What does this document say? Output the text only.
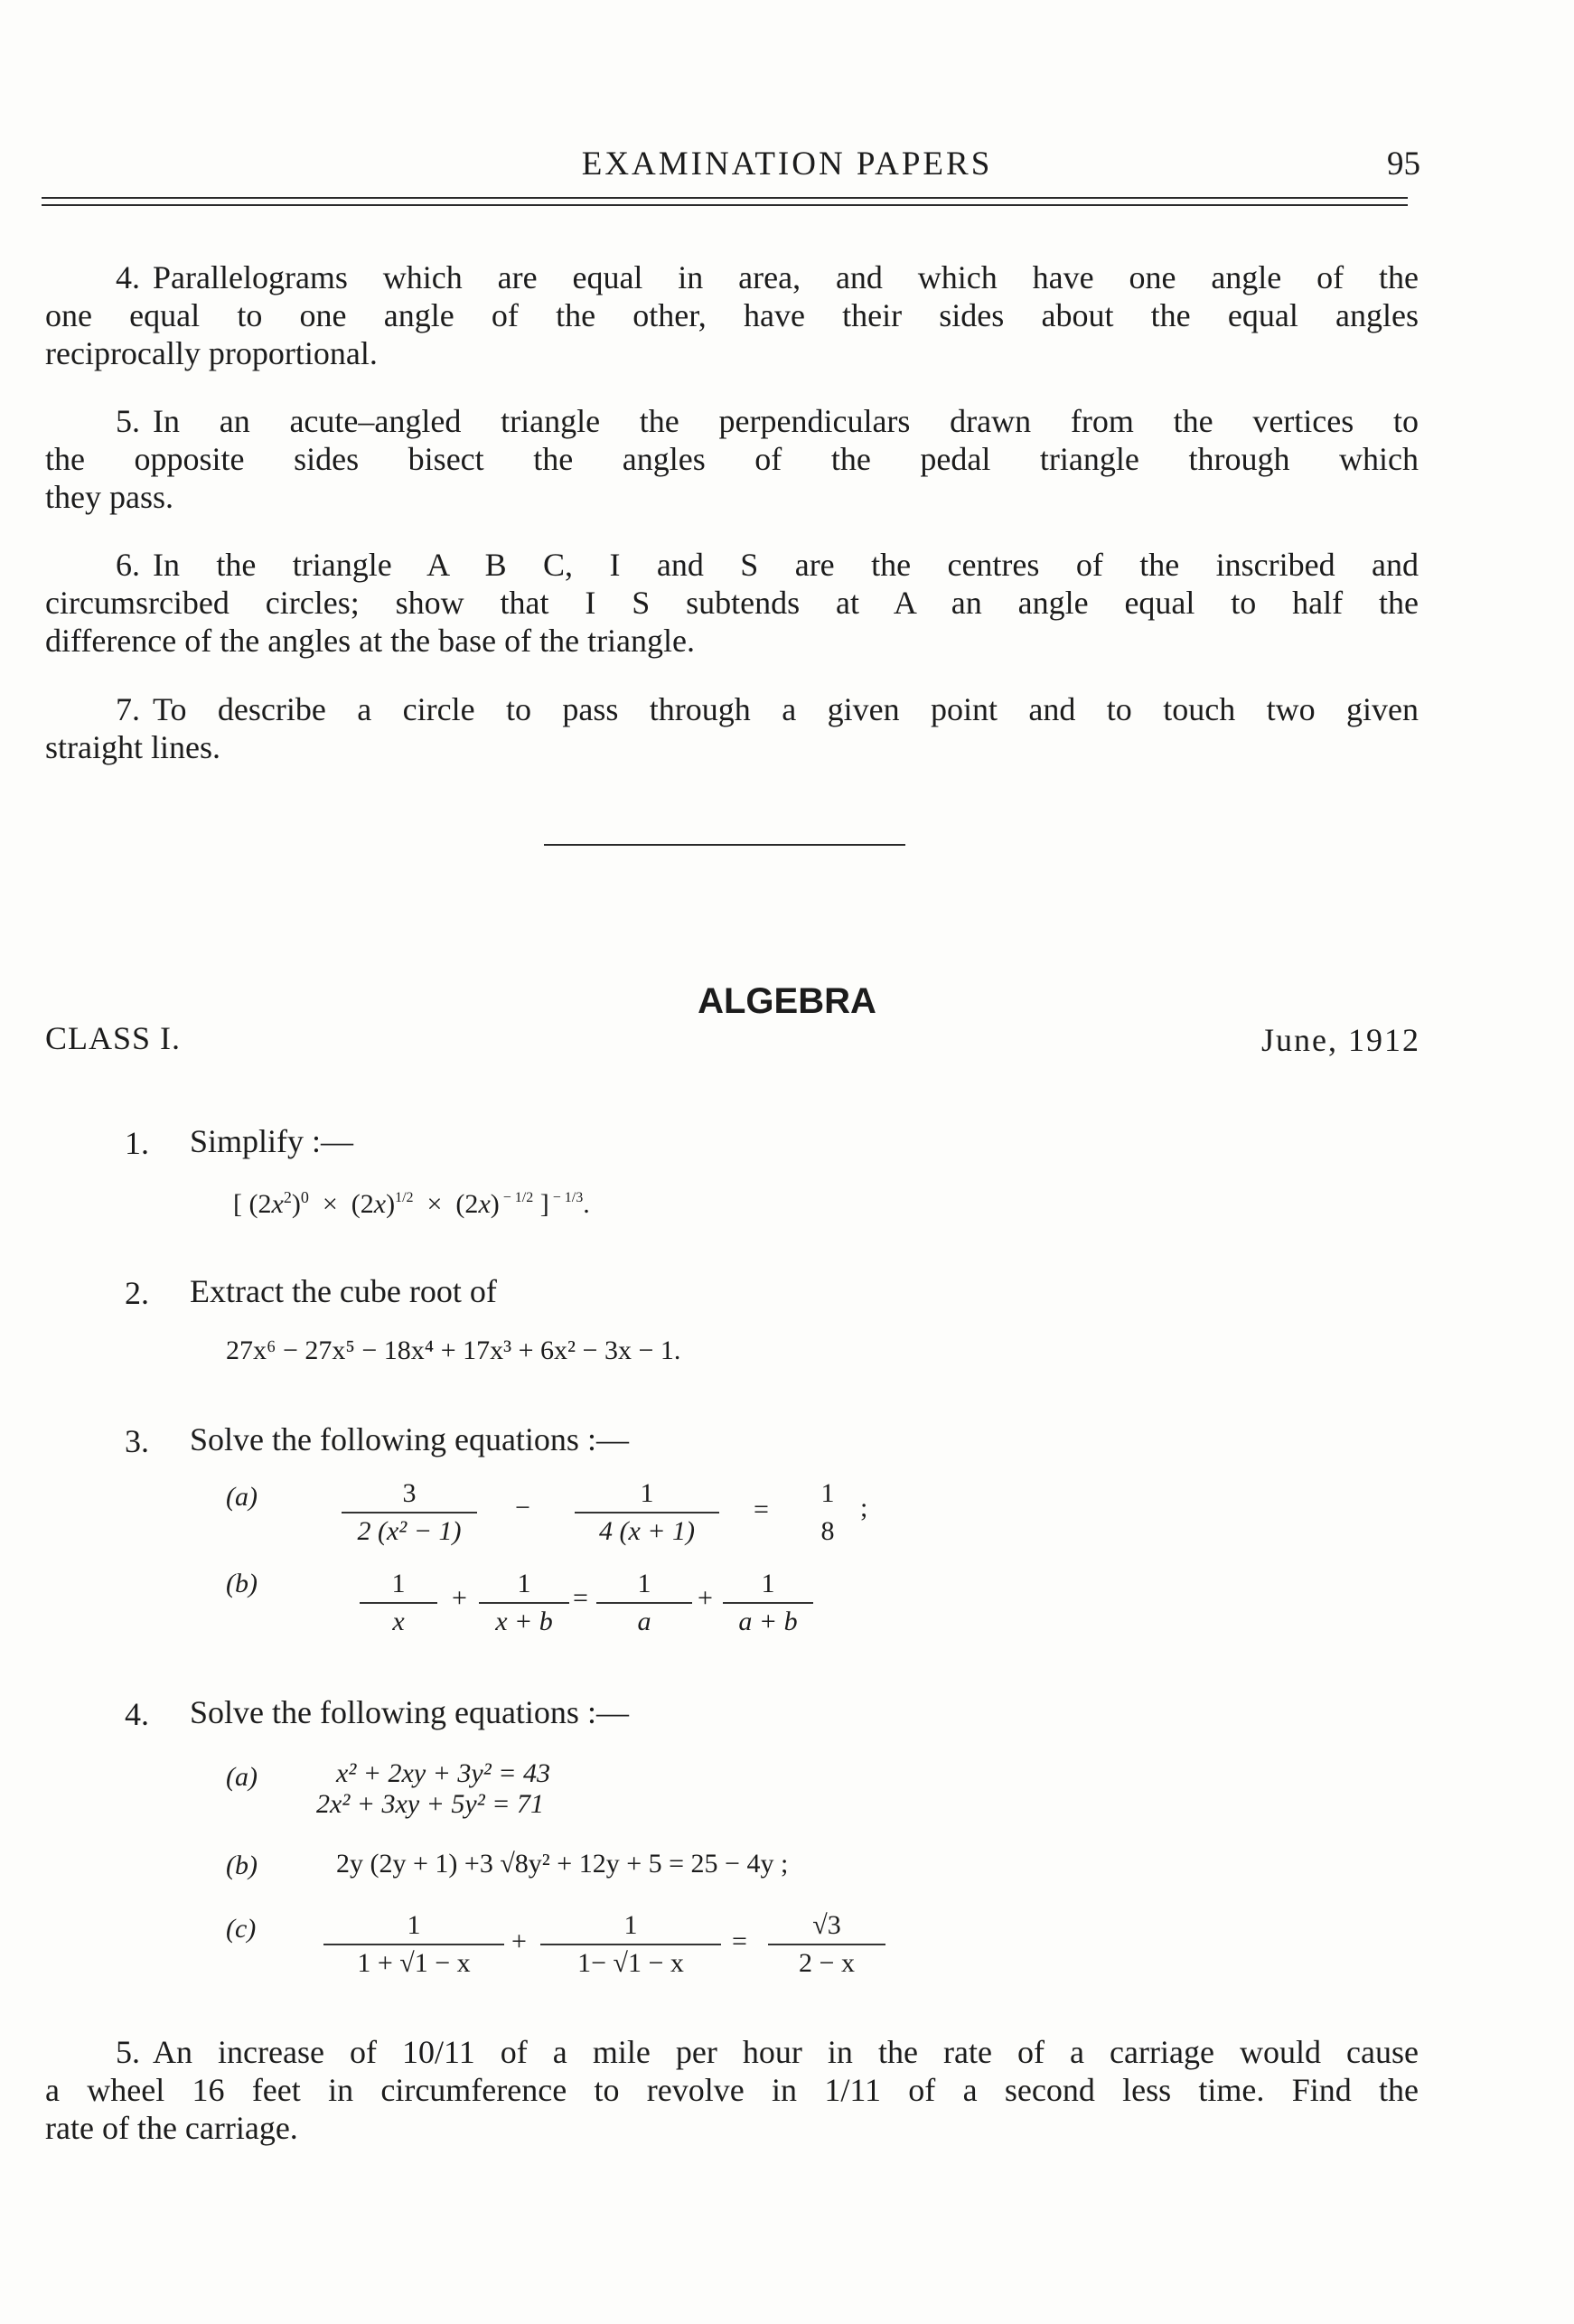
EXAMINATION PAPERS	95
4. Parallelograms which are equal in area, and which have one angle of the
one equal to one angle of the other, have their sides about the equal angles
reciprocally proportional.
5. In an acute–angled triangle the perpendiculars drawn from the vertices to
the opposite sides bisect the angles of the pedal triangle through which
they pass.
6. In the triangle A B C, I and S are the centres of the inscribed and
circumsrcibed circles; show that I S subtends at A an angle equal to half the
difference of the angles at the base of the triangle.
7. To describe a circle to pass through a given point and to touch two given
straight lines.
ALGEBRA
CLASS I.	June, 1912
1. Simplify :—
[ $(2x^2)^0 \times (2x)^{1/2} \times (2x)$ $^{- 1/2}$ ] $^{- 1/3}$.
2. Extract the cube root of
27x⁶ − 27x⁵ − 18x⁴ + 17x³ + 6x² − 3x − 1.
3. Solve the following equations :—
(a)	3
2 (x² − 1)
−	1
4 (x + 1)
=
1
8
;
(b)	1
x
+	1
x + b
=	1
a
+	1
a + b
4. Solve the following equations :—
(a)	x² + 2xy + 3y² = 43
2x² + 3xy + 5y² = 71
(b)	2y (2y + 1) +3 √8y² + 12y + 5 = 25 − 4y ;
(c)	1
1 + √1 − x
+
1
1− √1 − x
=
√3
2 − x
5. An increase of 10/11 of a mile per hour in the rate of a carriage would cause
a wheel 16 feet in circumference to revolve in 1/11 of a second less time. Find the
rate of the carriage.
